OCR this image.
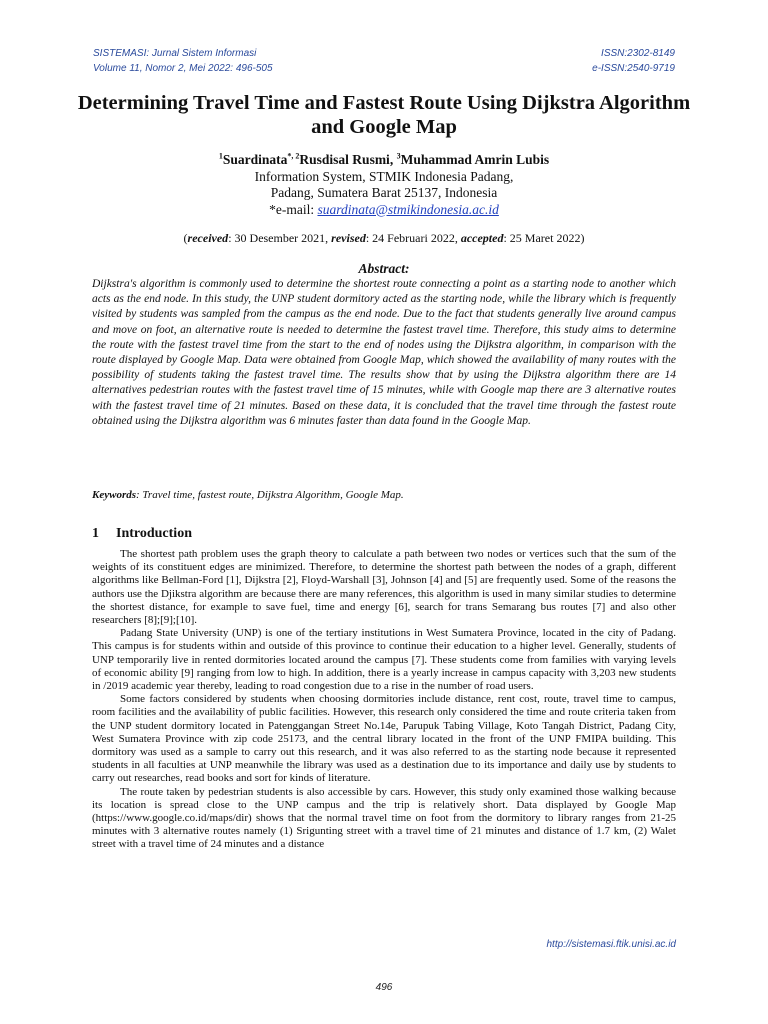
SISTEMASI: Jurnal Sistem Informasi
Volume 11, Nomor 2, Mei 2022: 496-505
ISSN:2302-8149
e-ISSN:2540-9719
Determining Travel Time and Fastest Route Using Dijkstra Algorithm and Google Map
$^1$Suardinata*, $^2$Rusdisal Rusmi, $^3$Muhammad Amrin Lubis
Information System, STMIK Indonesia Padang,
Padang, Sumatera Barat 25137, Indonesia
*e-mail: suardinata@stmikindonesia.ac.id
(received: 30 Desember 2021, revised: 24 Februari 2022, accepted: 25 Maret 2022)
Abstract:

Dijkstra's algorithm is commonly used to determine the shortest route connecting a point as a starting node to another which acts as the end node. In this study, the UNP student dormitory acted as the starting node, while the library which is frequently visited by students was sampled from the campus as the end node. Due to the fact that students generally live around campus and move on foot, an alternative route is needed to determine the fastest travel time. Therefore, this study aims to determine the route with the fastest travel time from the start to the end of nodes using the Dijkstra algorithm, in comparison with the route displayed by Google Map. Data were obtained from Google Map, which showed the availability of many routes with the possibility of students taking the fastest travel time. The results show that by using the Dijkstra algorithm there are 14 alternatives pedestrian routes with the fastest travel time of 15 minutes, while with Google map there are 3 alternative routes with the fastest travel time of 21 minutes. Based on these data, it is concluded that the travel time through the fastest route obtained using the Dijkstra algorithm was 6 minutes faster than data found in the Google Map.

Keywords: Travel time, fastest route, Dijkstra Algorithm, Google Map.
1 Introduction

The shortest path problem uses the graph theory to calculate a path between two nodes or vertices such that the sum of the weights of its constituent edges are minimized. Therefore, to determine the shortest path between the nodes of a graph, different algorithms like Bellman-Ford [1], Dijkstra [2], Floyd-Warshall [3], Johnson [4] and [5] are frequently used. Some of the reasons the authors use the Djikstra algorithm are because there are many references, this algorithm is used in many similar studies to determine the shortest distance, for example to save fuel, time and energy [6], search for trans Semarang bus routes [7] and also other researchers [8];[9];[10].

Padang State University (UNP) is one of the tertiary institutions in West Sumatera Province, located in the city of Padang. This campus is for students within and outside of this province to continue their education to a higher level. Generally, students of UNP temporarily live in rented dormitories located around the campus [7]. These students come from families with varying levels of economic ability [9] ranging from low to high. In addition, there is a yearly increase in campus capacity with 3,203 new students in /2019 academic year thereby, leading to road congestion due to a rise in the number of road users.

Some factors considered by students when choosing dormitories include distance, rent cost, route, travel time to campus, room facilities and the availability of public facilities. However, this research only considered the time and route criteria taken from the UNP student dormitory located in Patenggangan Street No.14e, Parupuk Tabing Village, Koto Tangah District, Padang City, West Sumatera Province with zip code 25173, and the central library located in the front of the UNP FMIPA building. This dormitory was used as a sample to carry out this research, and it was also referred to as the starting node because it represented students in all faculties at UNP meanwhile the library was used as a destination due to its importance and daily use by students to carry out researches, read books and sort for kinds of literature.

The route taken by pedestrian students is also accessible by cars. However, this study only examined those walking because its location is spread close to the UNP campus and the trip is relatively short. Data displayed by Google Map (https://www.google.co.id/maps/dir) shows that the normal travel time on foot from the dormitory to library ranges from 21-25 minutes with 3 alternative routes namely (1) Srigunting street with a travel time of 21 minutes and distance of 1.7 km, (2) Walet street with a travel time of 24 minutes and a distance

http://sistemasi.ftik.unisi.ac.id
496
